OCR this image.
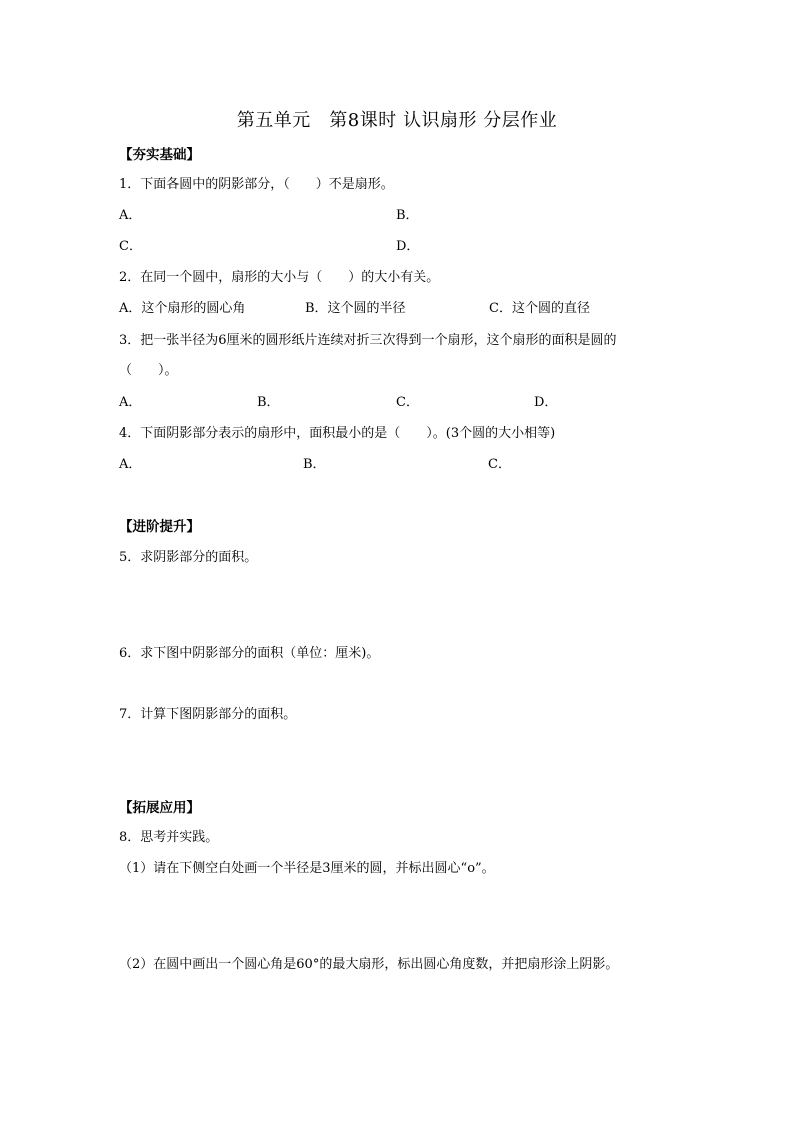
第五单元　第8课时 认识扇形 分层作业
【夯实基础】
1．下面各圆中的阴影部分，（　　）不是扇形。
A．	B．
C．	D．
2．在同一个圆中，扇形的大小与（　　）的大小有关。
A．这个扇形的圆心角	B．这个圆的半径	C．这个圆的直径
3．把一张半径为6厘米的圆形纸片连续对折三次得到一个扇形，这个扇形的面积是圆的
（　　）。
A．	B．	C．	D．
4．下面阴影部分表示的扇形中，面积最小的是（　　）。(3个圆的大小相等)
A．	B．	C．
【进阶提升】
5．求阴影部分的面积。
6．求下图中阴影部分的面积（单位：厘米)。
7．计算下图阴影部分的面积。
【拓展应用】
8．思考并实践。
（1）请在下侧空白处画一个半径是3厘米的圆，并标出圆心“o”。
（2）在圆中画出一个圆心角是60°的最大扇形，标出圆心角度数，并把扇形涂上阴影。
